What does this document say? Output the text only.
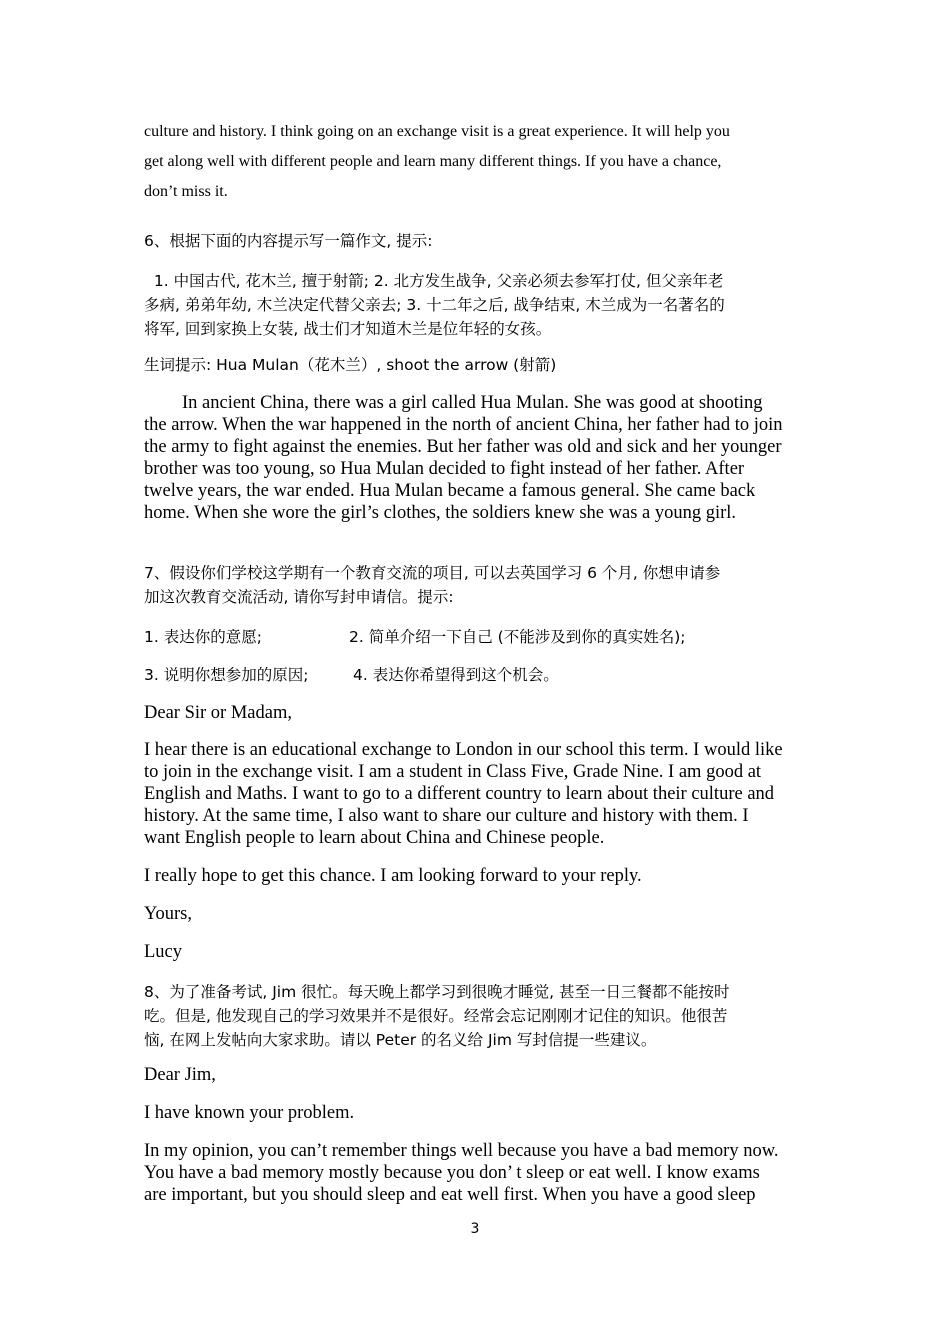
culture and history. I think going on an exchange visit is a great experience. It will help you
get along well with different people and learn many different things. If you have a chance,
don’t miss it.
6、根据下面的内容提示写一篇作文, 提示:
1. 中国古代, 花木兰, 擅于射箭; 2. 北方发生战争, 父亲必须去参军打仗, 但父亲年老
多病, 弟弟年幼, 木兰决定代替父亲去; 3. 十二年之后, 战争结束, 木兰成为一名著名的
将军, 回到家换上女装, 战士们才知道木兰是位年轻的女孩。
生词提示: Hua Mulan（花木兰）, shoot the arrow (射箭)
In ancient China, there was a girl called Hua Mulan. She was good at shooting
the arrow. When the war happened in the north of ancient China, her father had to join
the army to fight against the enemies. But her father was old and sick and her younger
brother was too young, so Hua Mulan decided to fight instead of her father. After
twelve years, the war ended. Hua Mulan became a famous general. She came back
home. When she wore the girl’s clothes, the soldiers knew she was a young girl.
7、假设你们学校这学期有一个教育交流的项目, 可以去英国学习 6 个月, 你想申请参
加这次教育交流活动, 请你写封申请信。提示:
1. 表达你的意愿;	2. 简单介绍一下自己 (不能涉及到你的真实姓名);
3. 说明你想参加的原因;	4. 表达你希望得到这个机会。
Dear Sir or Madam,
I hear there is an educational exchange to London in our school this term. I would like
to join in the exchange visit. I am a student in Class Five, Grade Nine. I am good at
English and Maths. I want to go to a different country to learn about their culture and
history. At the same time, I also want to share our culture and history with them. I
want English people to learn about China and Chinese people.
I really hope to get this chance. I am looking forward to your reply.
Yours,
Lucy
8、为了准备考试, Jim 很忙。每天晚上都学习到很晚才睡觉, 甚至一日三餐都不能按时
吃。但是, 他发现自己的学习效果并不是很好。经常会忘记刚刚才记住的知识。他很苦
恼, 在网上发帖向大家求助。请以 Peter 的名义给 Jim 写封信提一些建议。
Dear Jim,
I have known your problem.
In my opinion, you can’t remember things well because you have a bad memory now.
You have a bad memory mostly because you don’ t sleep or eat well. I know exams
are important, but you should sleep and eat well first. When you have a good sleep
3
